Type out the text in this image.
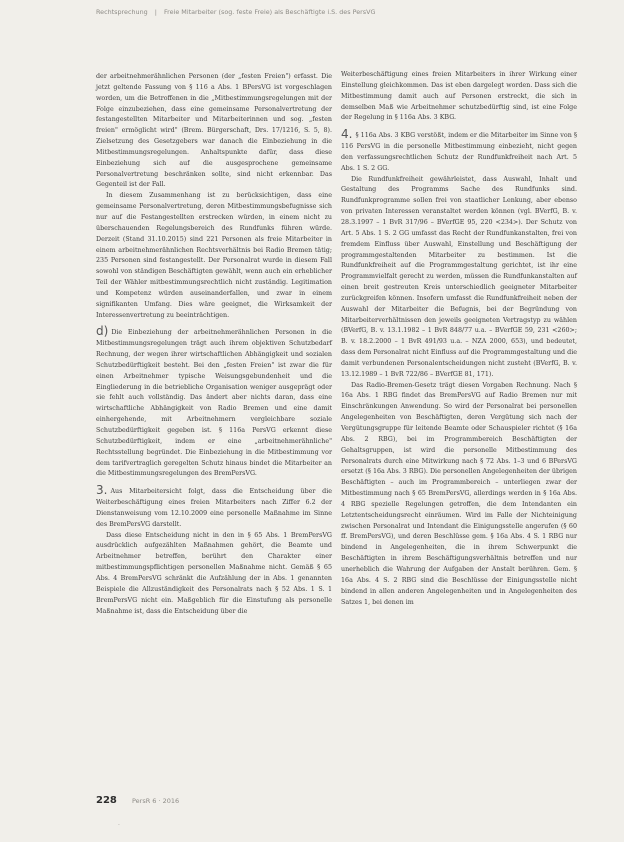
Rechtsprechung | Freie Mitarbeiter (sog. feste Freie) als Beschäftigte i.S. des PersVG

der arbeitnehmerähnlichen Personen (der „festen Freien") erfasst. Die jetzt geltende Fassung von § 116 a Abs. 1 BPersVG ist vorgeschlagen worden, um die Betroffenen in die „Mitbestimmungsregelungen mit der Folge einzubeziehen, dass eine gemeinsame Personalvertretung der festangestellten Mitarbeiter und Mitarbeiterinnen und sog. „festen freien" ermöglicht wird" (Brem. Bürgerschaft, Drs. 17/1216, S. 5, 8). Zielsetzung des Gesetzgebers war danach die Einbeziehung in die Mitbestimmungsregelungen. Anhaltspunkte dafür, dass diese Einbeziehung sich auf die ausgesprochene gemeinsame Personalvertretung beschränken sollte, sind nicht erkennbar. Das Gegenteil ist der Fall.

In diesem Zusammenhang ist zu berücksichtigen, dass eine gemeinsame Personalvertretung, deren Mitbestimmungsbefugnisse sich nur auf die Festangestellten erstrecken würden, in einem nicht zu überschauenden Regelungsbereich des Rundfunks führen würde. Derzeit (Stand 31.10.2015) sind 221 Personen als freie Mitarbeiter in einem arbeitnehmerähnlichen Rechtsverhältnis bei Radio Bremen tätig; 235 Personen sind festangestellt. Der Personalrat wurde in diesem Fall sowohl von ständigen Beschäftigten gewählt, wenn auch ein erheblicher Teil der Wähler mitbestimmungsrechtlich nicht zuständig. Legitimation und Kompetenz würden auseinanderfallen, und zwar in einem signifikanten Umfang. Dies wäre geeignet, die Wirksamkeit der Interessenvertretung zu beeinträchtigen.

d) Die Einbeziehung der arbeitnehmerähnlichen Personen in die Mitbestimmungsregelungen trägt auch ihrem objektiven Schutzbedarf Rechnung, der wegen ihrer wirtschaftlichen Abhängigkeit und sozialen Schutzbedürftigkeit besteht. Bei den „festen Freien" ist zwar die für einen Arbeitnehmer typische Weisungsgebundenheit und die Eingliederung in die betriebliche Organisation weniger ausgeprägt oder sie fehlt auch vollständig. Das ändert aber nichts daran, dass eine wirtschaftliche Abhängigkeit von Radio Bremen und eine damit einhergehende, mit Arbeitnehmern vergleichbare soziale Schutzbedürftigkeit gegeben ist. § 116a PersVG erkennt diese Schutzbedürftigkeit, indem er eine „arbeitnehmerähnliche" Rechtsstellung begründet. Die Einbeziehung in die Mitbestimmung vor dem tarifvertraglich geregelten Schutz hinaus bindet die Mitarbeiter an die Mitbestimmungsregelungen des BremPersVG.

3. Aus Mitarbeitersicht folgt, dass die Entscheidung über die Weiterbeschäftigung eines freien Mitarbeiters nach Ziffer 6.2 der Dienstanweisung vom 12.10.2009 eine personelle Maßnahme im Sinne des BremPersVG darstellt.

Dass diese Entscheidung nicht in den in § 65 Abs. 1 BremPersVG ausdrücklich aufgezählten Maßnahmen gehört, die Beamte und Arbeitnehmer betreffen, berührt den Charakter einer mitbestimmungspflichtigen personellen Maßnahme nicht. Gemäß § 65 Abs. 4 BremPersVG schränkt die Aufzählung der in Abs. 1 genannten Beispiele die Allzuständigkeit des Personalrats nach § 52 Abs. 1 S. 1 BremPersVG nicht ein. Maßgeblich für die Einstufung als personelle Maßnahme ist, dass die Entscheidung über die

Weiterbeschäftigung eines freien Mitarbeiters in ihrer Wirkung einer Einstellung gleichkommen. Das ist eben dargelegt worden. Dass sich die Mitbestimmung damit auch auf Personen erstreckt, die sich in demselben Maß wie Arbeitnehmer schutzbedürftig sind, ist eine Folge der Regelung in § 116a Abs. 3 KBG.

4. § 116a Abs. 3 KBG verstößt, indem er die Mitarbeiter im Sinne von § 116 PersVG in die personelle Mitbestimmung einbezieht, nicht gegen den verfassungsrechtlichen Schutz der Rundfunkfreiheit nach Art. 5 Abs. 1 S. 2 GG.

Die Rundfunkfreiheit gewährleistet, dass Auswahl, Inhalt und Gestaltung des Programms Sache des Rundfunks sind. Rundfunkprogramme sollen frei von staatlicher Lenkung, aber ebenso von privaten Interessen veranstaltet werden können (vgl. BVerfG, B. v. 28.3.1997 – 1 BvR 317/96 – BVerfGE 95, 220 <234>). Der Schutz von Art. 5 Abs. 1 S. 2 GG umfasst das Recht der Rundfunkanstalten, frei von fremdem Einfluss über Auswahl, Einstellung und Beschäftigung der programmgestaltenden Mitarbeiter zu bestimmen. Ist die Rundfunkfreiheit auf die Programmgestaltung gerichtet, ist ihr eine Programmvielfalt gerecht zu werden, müssen die Rundfunkanstalten auf einen breit gestreuten Kreis unterschiedlich geeigneter Mitarbeiter zurückgreifen können. Insofern umfasst die Rundfunkfreiheit neben der Auswahl der Mitarbeiter die Befugnis, bei der Begründung von Mitarbeiterverhältnissen den jeweils geeigneten Vertragstyp zu wählen (BVerfG, B. v. 13.1.1982 – 1 BvR 848/77 u.a. – BVerfGE 59, 231 <260>; B. v. 18.2.2000 – 1 BvR 491/93 u.a. – NZA 2000, 653), und bedeutet, dass dem Personalrat nicht Einfluss auf die Programmgestaltung und die damit verbundenen Personalentscheidungen nicht zusteht (BVerfG, B. v. 13.12.1989 – 1 BvR 722/86 – BVerfGE 81, 171).

Das Radio-Bremen-Gesetz trägt diesen Vorgaben Rechnung. Nach § 16a Abs. 1 RBG findet das BremPersVG auf Radio Bremen nur mit Einschränkungen Anwendung. So wird der Personalrat bei personellen Angelegenheiten von Beschäftigten, deren Vergütung sich nach der Vergütungsgruppe für leitende Beamte oder Schauspieler richtet (§ 16a Abs. 2 RBG), bei im Programmbereich Beschäftigten der Gehaltsgruppen, ist wird die personelle Mitbestimmung des Personalrats durch eine Mitwirkung nach § 72 Abs. 1–3 und 6 BPersVG ersetzt (§ 16a Abs. 3 RBG). Die personellen Angelegenheiten der übrigen Beschäftigten – auch im Programmbereich – unterliegen zwar der Mitbestimmung nach § 65 BremPersVG, allerdings werden in § 16a Abs. 4 RBG spezielle Regelungen getroffen, die dem Intendanten ein Letztentscheidungsrecht einräumen. Wird im Falle der Nichteinigung zwischen Personalrat und Intendant die Einigungsstelle angerufen (§ 60 ff. BremPersVG), und deren Beschlüsse gem. § 16a Abs. 4 S. 1 RBG nur bindend in Angelegenheiten, die in ihrem Schwerpunkt die Beschäftigten in ihrem Beschäftigungsverhältnis betreffen und nur unerheblich die Wahrung der Aufgaben der Anstalt berühren. Gem. § 16a Abs. 4 S. 2 RBG sind die Beschlüsse der Einigungsstelle nicht bindend in allen anderen Angelegenheiten und in Angelegenheiten des Satzes 1, bei denen im

228 PersR 6 · 2016
·
